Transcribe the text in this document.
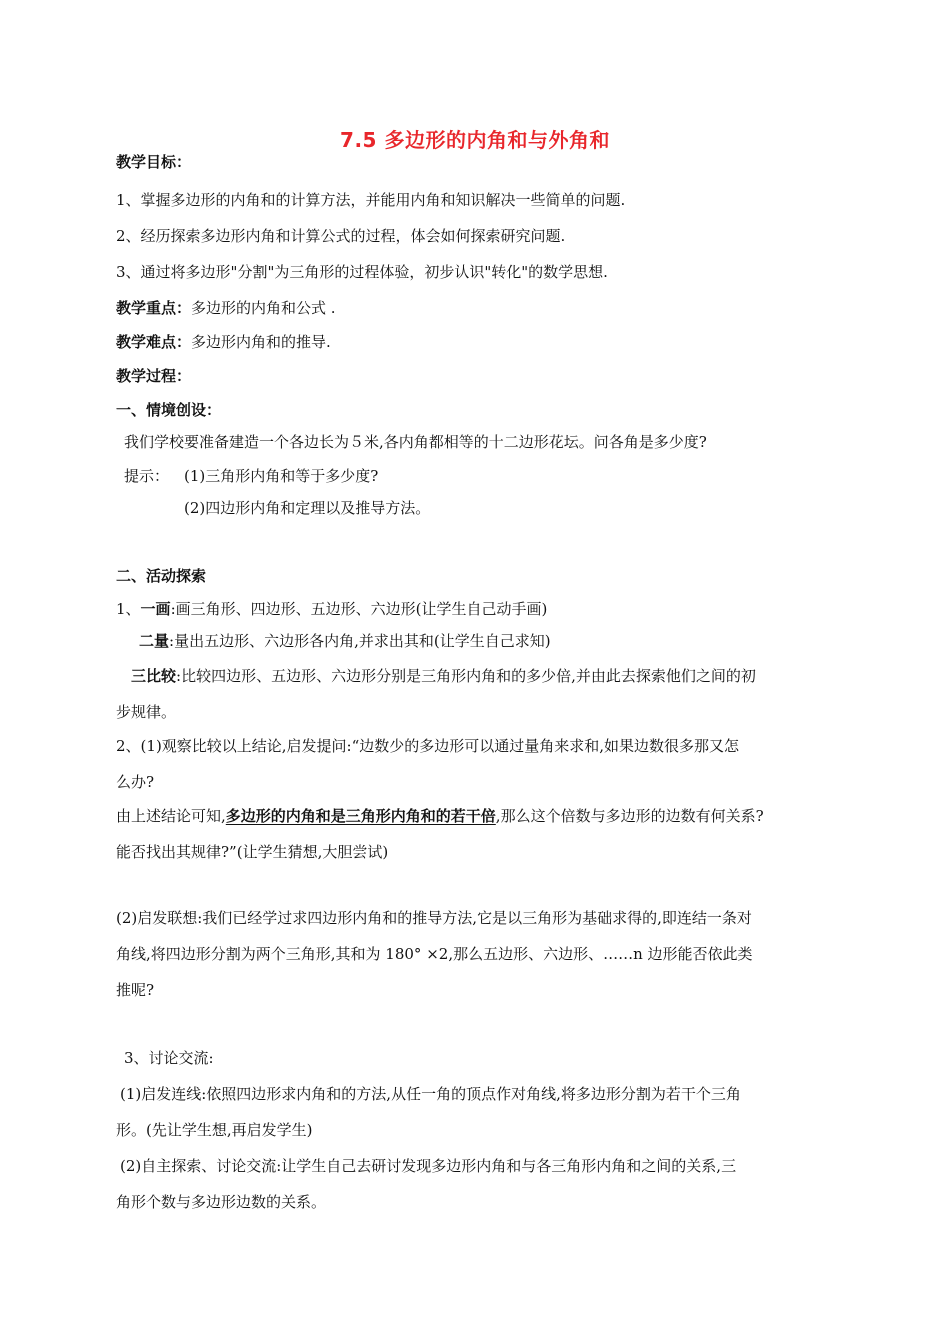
7.5 多边形的内角和与外角和
教学目标：
1、掌握多边形的内角和的计算方法，并能用内角和知识解决一些简单的问题.
2、经历探索多边形内角和计算公式的过程，体会如何探索研究问题.
3、通过将多边形"分割"为三角形的过程体验，初步认识"转化"的数学思想.
教学重点：多边形的内角和公式 .
教学难点：多边形内角和的推导.
教学过程：
一、情境创设：
我们学校要准备建造一个各边长为５米,各内角都相等的十二边形花坛。问各角是多少度?
提示： (1)三角形内角和等于多少度?
(2)四边形内角和定理以及推导方法。
二、活动探索
1、一画:画三角形、四边形、五边形、六边形(让学生自己动手画)
二量:量出五边形、六边形各内角,并求出其和(让学生自己求知)
三比较:比较四边形、五边形、六边形分别是三角形内角和的多少倍,并由此去探索他们之间的初
步规律。
2、(1)观察比较以上结论,启发提问:“边数少的多边形可以通过量角来求和,如果边数很多那又怎
么办?
由上述结论可知,多边形的内角和是三角形内角和的若干倍,那么这个倍数与多边形的边数有何关系?
能否找出其规律?”(让学生猜想,大胆尝试)
(2)启发联想:我们已经学过求四边形内角和的推导方法,它是以三角形为基础求得的,即连结一条对
角线,将四边形分割为两个三角形,其和为 180° ×2,那么五边形、六边形、……n 边形能否依此类
推呢?
3、讨论交流:
(1)启发连线:依照四边形求内角和的方法,从任一角的顶点作对角线,将多边形分割为若干个三角
形。(先让学生想,再启发学生)
(2)自主探索、讨论交流:让学生自己去研讨发现多边形内角和与各三角形内角和之间的关系,三
角形个数与多边形边数的关系。
